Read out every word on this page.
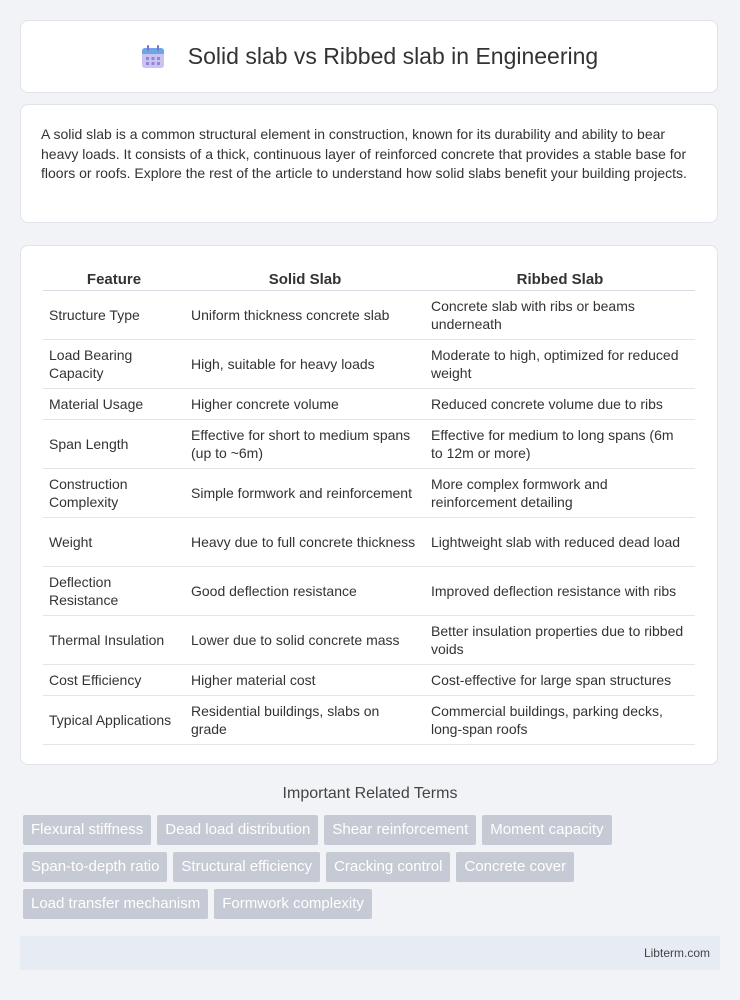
Solid slab vs Ribbed slab in Engineering

A solid slab is a common structural element in construction, known for its durability and ability to bear heavy loads. It consists of a thick, continuous layer of reinforced concrete that provides a stable base for floors or roofs. Explore the rest of the article to understand how solid slabs benefit your building projects.

Feature	Solid Slab	Ribbed Slab
Structure Type	Uniform thickness concrete slab	Concrete slab with ribs or beams underneath
Load Bearing Capacity	High, suitable for heavy loads	Moderate to high, optimized for reduced weight
Material Usage	Higher concrete volume	Reduced concrete volume due to ribs
Span Length	Effective for short to medium spans (up to ~6m)	Effective for medium to long spans (6m to 12m or more)
Construction Complexity	Simple formwork and reinforcement	More complex formwork and reinforcement detailing
Weight	Heavy due to full concrete thickness	Lightweight slab with reduced dead load
Deflection Resistance	Good deflection resistance	Improved deflection resistance with ribs
Thermal Insulation	Lower due to solid concrete mass	Better insulation properties due to ribbed voids
Cost Efficiency	Higher material cost	Cost-effective for large span structures
Typical Applications	Residential buildings, slabs on grade	Commercial buildings, parking decks, long-span roofs
Important Related Terms
Flexural stiffness	Dead load distribution	Shear reinforcement	Moment capacity
Span-to-depth ratio	Structural efficiency	Cracking control	Concrete cover
Load transfer mechanism	Formwork complexity
Libterm.com
